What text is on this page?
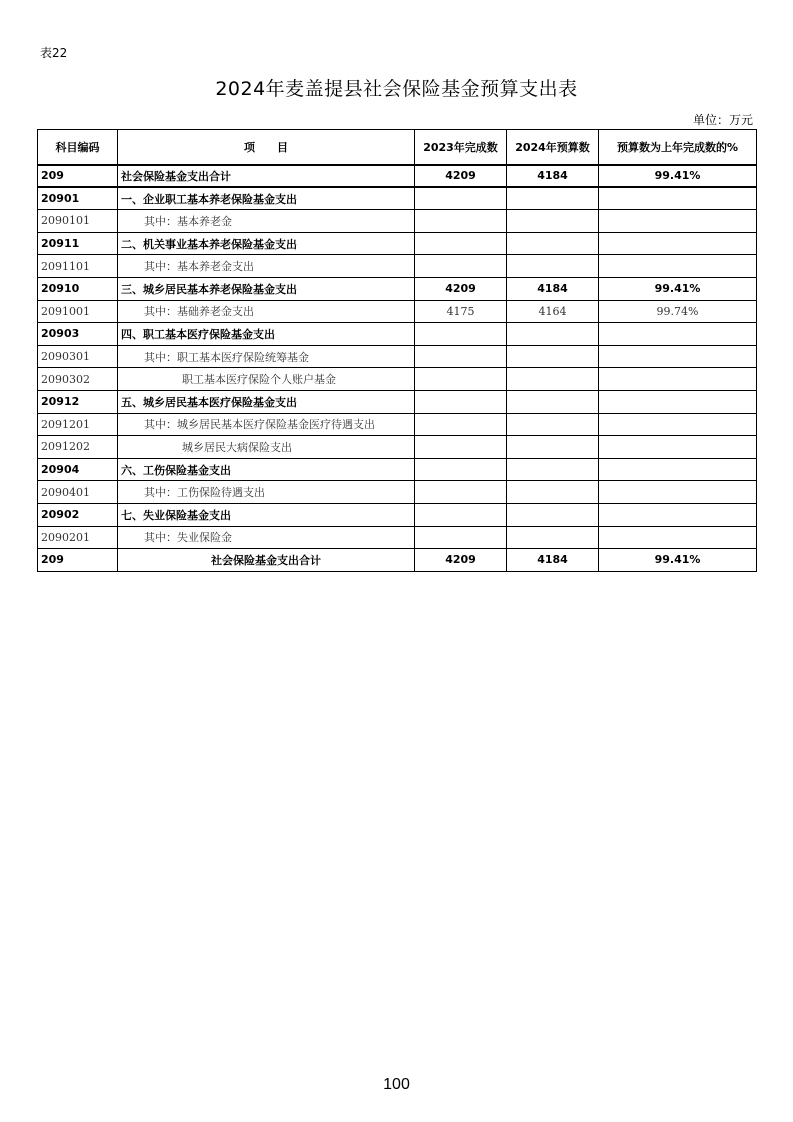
表22
2024年麦盖提县社会保险基金预算支出表
单位：万元
科目编码	项　　目	2023年完成数	2024年预算数	预算数为上年完成数的%
209	社会保险基金支出合计	4209	4184	99.41%
20901	一、企业职工基本养老保险基金支出			
2090101	其中：基本养老金			
20911	二、机关事业基本养老保险基金支出			
2091101	其中：基本养老金支出			
20910	三、城乡居民基本养老保险基金支出	4209	4184	99.41%
2091001	其中：基础养老金支出	4175	4164	99.74%
20903	四、职工基本医疗保险基金支出			
2090301	其中：职工基本医疗保险统筹基金			
2090302	职工基本医疗保险个人账户基金			
20912	五、城乡居民基本医疗保险基金支出			
2091201	其中：城乡居民基本医疗保险基金医疗待遇支出			
2091202	城乡居民大病保险支出			
20904	六、工伤保险基金支出			
2090401	其中：工伤保险待遇支出			
20902	七、失业保险基金支出			
2090201	其中：失业保险金			
209	社会保险基金支出合计	4209	4184	99.41%
100
